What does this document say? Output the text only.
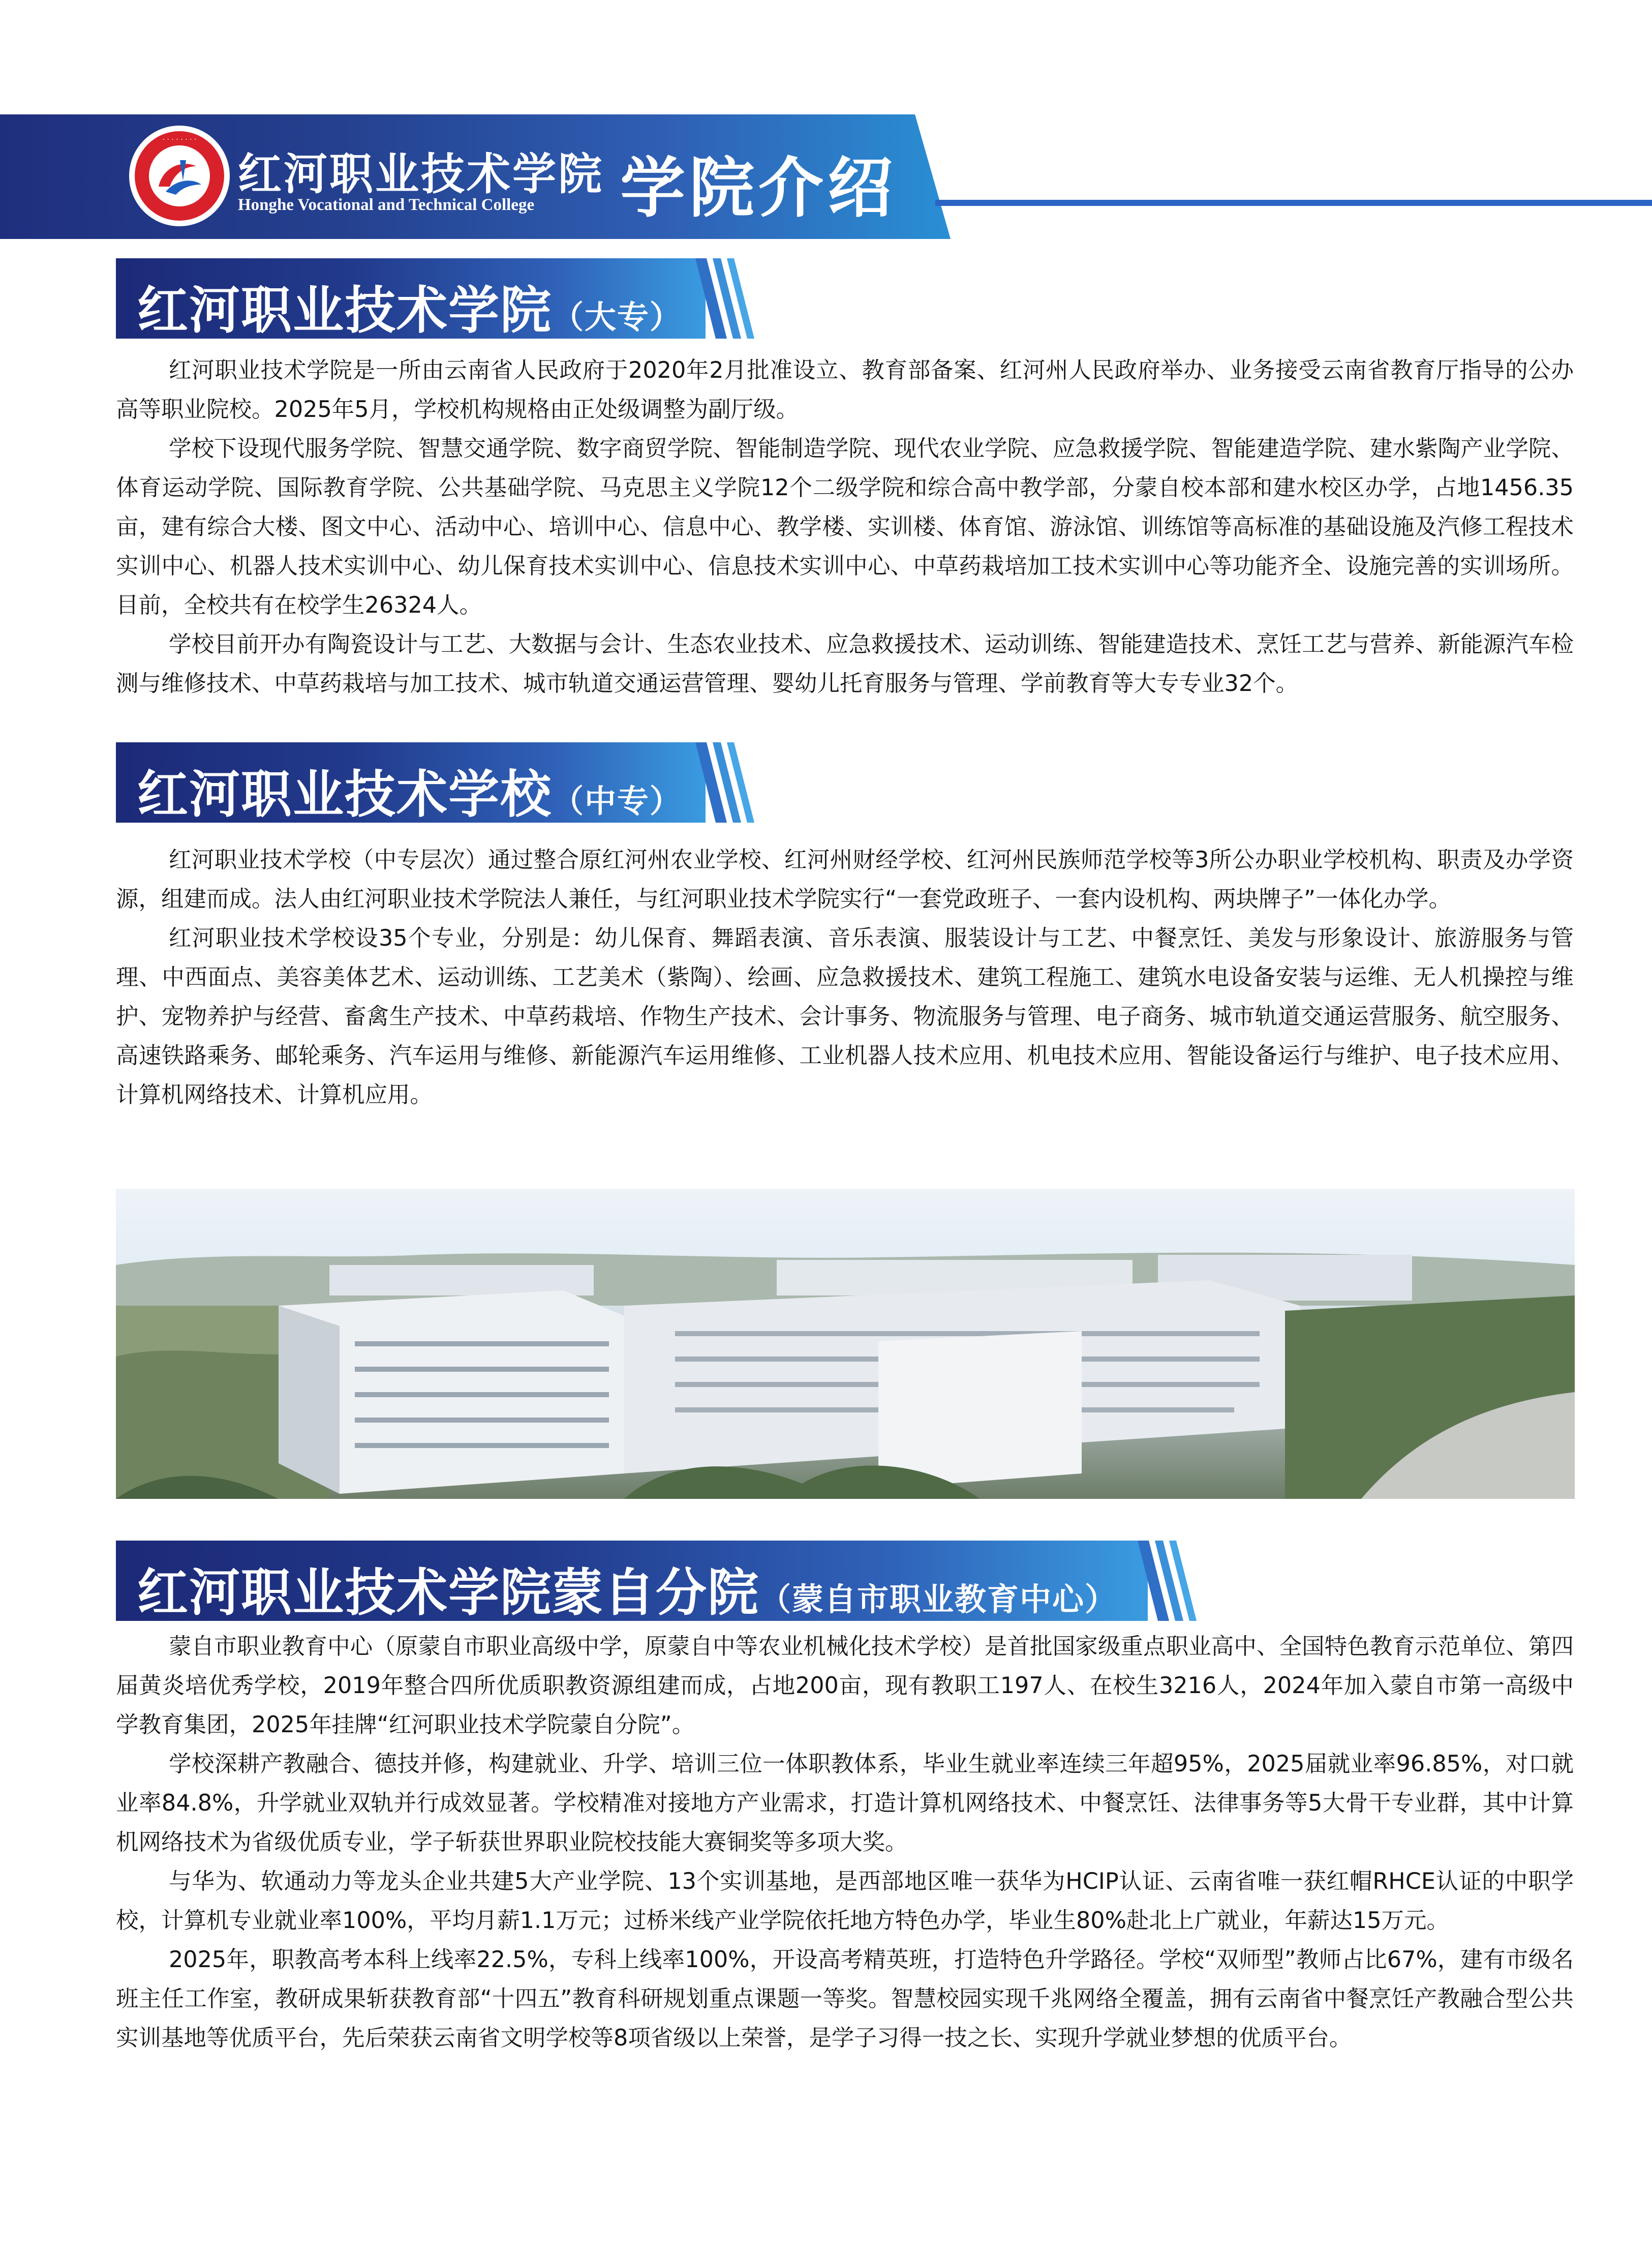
· · · · · · · ·
红河职业技术学院
Honghe Vocational and Technical College 学院介绍
红河职业技术学院（大专）

红河职业技术学院是一所由云南省人民政府于2020年2月批准设立、教育部备案、红河州人民政府举办、业务接受云南省教育厅指导的公办高等职业院校。2025年5月，学校机构规格由正处级调整为副厅级。

学校下设现代服务学院、智慧交通学院、数字商贸学院、智能制造学院、现代农业学院、应急救援学院、智能建造学院、建水紫陶产业学院、体育运动学院、国际教育学院、公共基础学院、马克思主义学院12个二级学院和综合高中教学部，分蒙自校本部和建水校区办学，占地1456.35亩，建有综合大楼、图文中心、活动中心、培训中心、信息中心、教学楼、实训楼、体育馆、游泳馆、训练馆等高标准的基础设施及汽修工程技术实训中心、机器人技术实训中心、幼儿保育技术实训中心、信息技术实训中心、中草药栽培加工技术实训中心等功能齐全、设施完善的实训场所。目前，全校共有在校学生26324人。

学校目前开办有陶瓷设计与工艺、大数据与会计、生态农业技术、应急救援技术、运动训练、智能建造技术、烹饪工艺与营养、新能源汽车检测与维修技术、中草药栽培与加工技术、城市轨道交通运营管理、婴幼儿托育服务与管理、学前教育等大专专业32个。

红河职业技术学校（中专）

红河职业技术学校（中专层次）通过整合原红河州农业学校、红河州财经学校、红河州民族师范学校等3所公办职业学校机构、职责及办学资源，组建而成。法人由红河职业技术学院法人兼任，与红河职业技术学院实行“一套党政班子、一套内设机构、两块牌子”一体化办学。

红河职业技术学校设35个专业，分别是：幼儿保育、舞蹈表演、音乐表演、服装设计与工艺、中餐烹饪、美发与形象设计、旅游服务与管理、中西面点、美容美体艺术、运动训练、工艺美术（紫陶）、绘画、应急救援技术、建筑工程施工、建筑水电设备安装与运维、无人机操控与维护、宠物养护与经营、畜禽生产技术、中草药栽培、作物生产技术、会计事务、物流服务与管理、电子商务、城市轨道交通运营服务、航空服务、高速铁路乘务、邮轮乘务、汽车运用与维修、新能源汽车运用维修、工业机器人技术应用、机电技术应用、智能设备运行与维护、电子技术应用、计算机网络技术、计算机应用。

红河职业技术学院蒙自分院（蒙自市职业教育中心）

蒙自市职业教育中心（原蒙自市职业高级中学，原蒙自中等农业机械化技术学校）是首批国家级重点职业高中、全国特色教育示范单位、第四届黄炎培优秀学校，2019年整合四所优质职教资源组建而成，占地200亩，现有教职工197人、在校生3216人，2024年加入蒙自市第一高级中学教育集团，2025年挂牌“红河职业技术学院蒙自分院”。

学校深耕产教融合、德技并修，构建就业、升学、培训三位一体职教体系，毕业生就业率连续三年超95%，2025届就业率96.85%，对口就业率84.8%，升学就业双轨并行成效显著。学校精准对接地方产业需求，打造计算机网络技术、中餐烹饪、法律事务等5大骨干专业群，其中计算机网络技术为省级优质专业，学子斩获世界职业院校技能大赛铜奖等多项大奖。

与华为、软通动力等龙头企业共建5大产业学院、13个实训基地，是西部地区唯一获华为HCIP认证、云南省唯一获红帽RHCE认证的中职学校，计算机专业就业率100%，平均月薪1.1万元；过桥米线产业学院依托地方特色办学，毕业生80%赴北上广就业，年薪达15万元。

2025年，职教高考本科上线率22.5%，专科上线率100%，开设高考精英班，打造特色升学路径。学校“双师型”教师占比67%，建有市级名班主任工作室，教研成果斩获教育部“十四五”教育科研规划重点课题一等奖。智慧校园实现千兆网络全覆盖，拥有云南省中餐烹饪产教融合型公共实训基地等优质平台，先后荣获云南省文明学校等8项省级以上荣誉，是学子习得一技之长、实现升学就业梦想的优质平台。
